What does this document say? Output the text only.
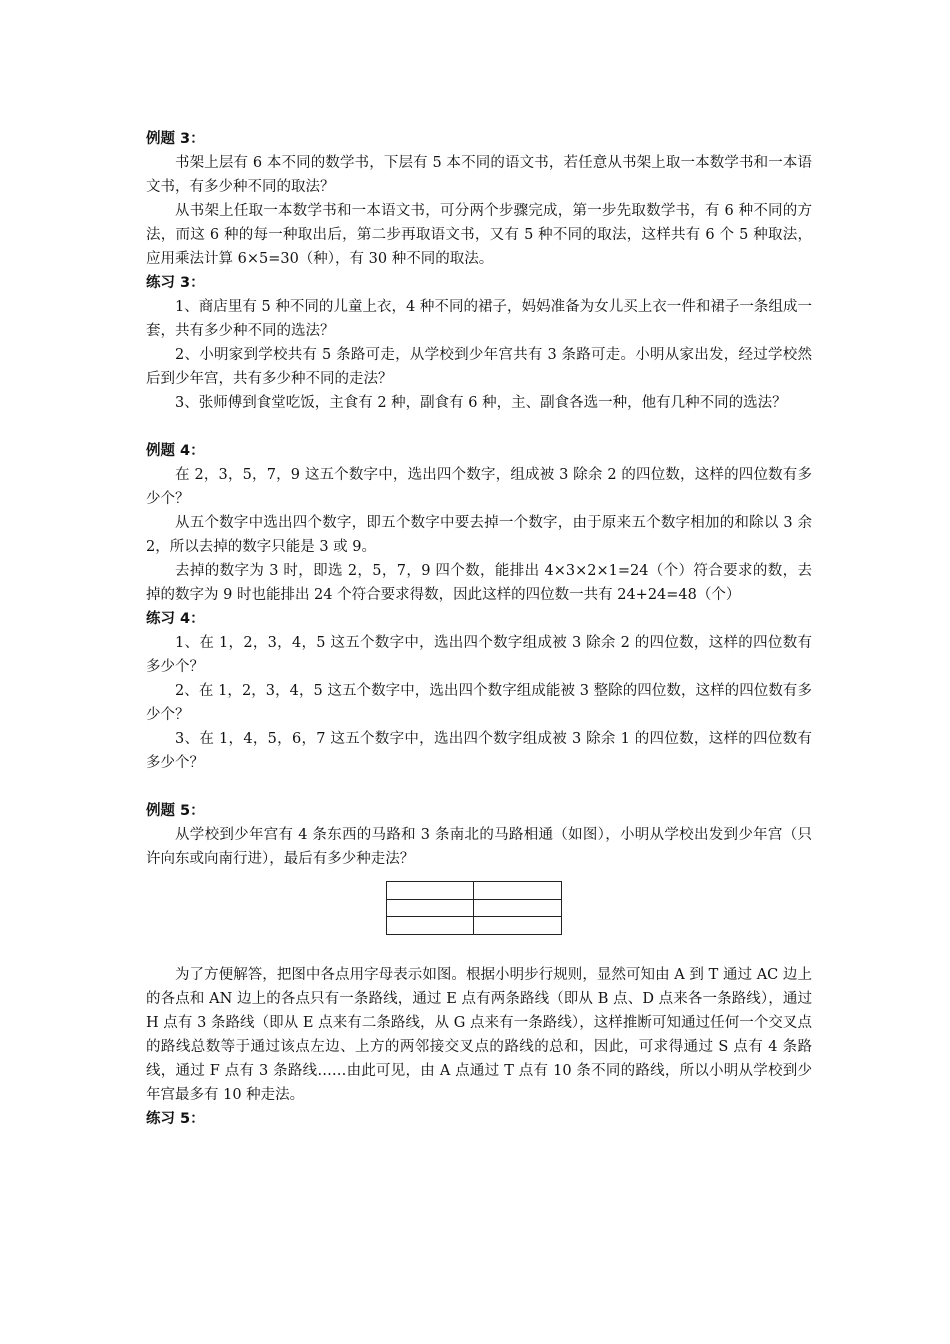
例题 3：

书架上层有 6 本不同的数学书，下层有 5 本不同的语文书，若任意从书架上取一本数学书和一本语文书，有多少种不同的取法？

从书架上任取一本数学书和一本语文书，可分两个步骤完成，第一步先取数学书，有 6 种不同的方法，而这 6 种的每一种取出后，第二步再取语文书，又有 5 种不同的取法，这样共有 6 个 5 种取法，应用乘法计算 6×5=30（种），有 30 种不同的取法。

练习 3：

1、商店里有 5 种不同的儿童上衣，4 种不同的裙子，妈妈准备为女儿买上衣一件和裙子一条组成一套，共有多少种不同的选法？

2、小明家到学校共有 5 条路可走，从学校到少年宫共有 3 条路可走。小明从家出发，经过学校然后到少年宫，共有多少种不同的走法？

3、张师傅到食堂吃饭，主食有 2 种，副食有 6 种，主、副食各选一种，他有几种不同的选法？

例题 4：

在 2，3，5，7，9 这五个数字中，选出四个数字，组成被 3 除余 2 的四位数，这样的四位数有多少个？

从五个数字中选出四个数字，即五个数字中要去掉一个数字，由于原来五个数字相加的和除以 3 余 2，所以去掉的数字只能是 3 或 9。

去掉的数字为 3 时，即选 2，5，7，9 四个数，能排出 4×3×2×1=24（个）符合要求的数，去掉的数字为 9 时也能排出 24 个符合要求得数，因此这样的四位数一共有 24+24=48（个）

练习 4：

1、在 1，2，3，4，5 这五个数字中，选出四个数字组成被 3 除余 2 的四位数，这样的四位数有多少个？

2、在 1，2，3，4，5 这五个数字中，选出四个数字组成能被 3 整除的四位数，这样的四位数有多少个？

3、在 1，4，5，6，7 这五个数字中，选出四个数字组成被 3 除余 1 的四位数，这样的四位数有多少个？

例题 5：

从学校到少年宫有 4 条东西的马路和 3 条南北的马路相通（如图），小明从学校出发到少年宫（只许向东或向南行进），最后有多少种走法？

为了方便解答，把图中各点用字母表示如图。根据小明步行规则，显然可知由 A 到 T 通过 AC 边上的各点和 AN 边上的各点只有一条路线，通过 E 点有两条路线（即从 B 点、D 点来各一条路线），通过 H 点有 3 条路线（即从 E 点来有二条路线，从 G 点来有一条路线），这样推断可知通过任何一个交叉点的路线总数等于通过该点左边、上方的两邻接交叉点的路线的总和，因此，可求得通过 S 点有 4 条路线，通过 F 点有 3 条路线……由此可见，由 A 点通过 T 点有 10 条不同的路线，所以小明从学校到少年宫最多有 10 种走法。

练习 5：
